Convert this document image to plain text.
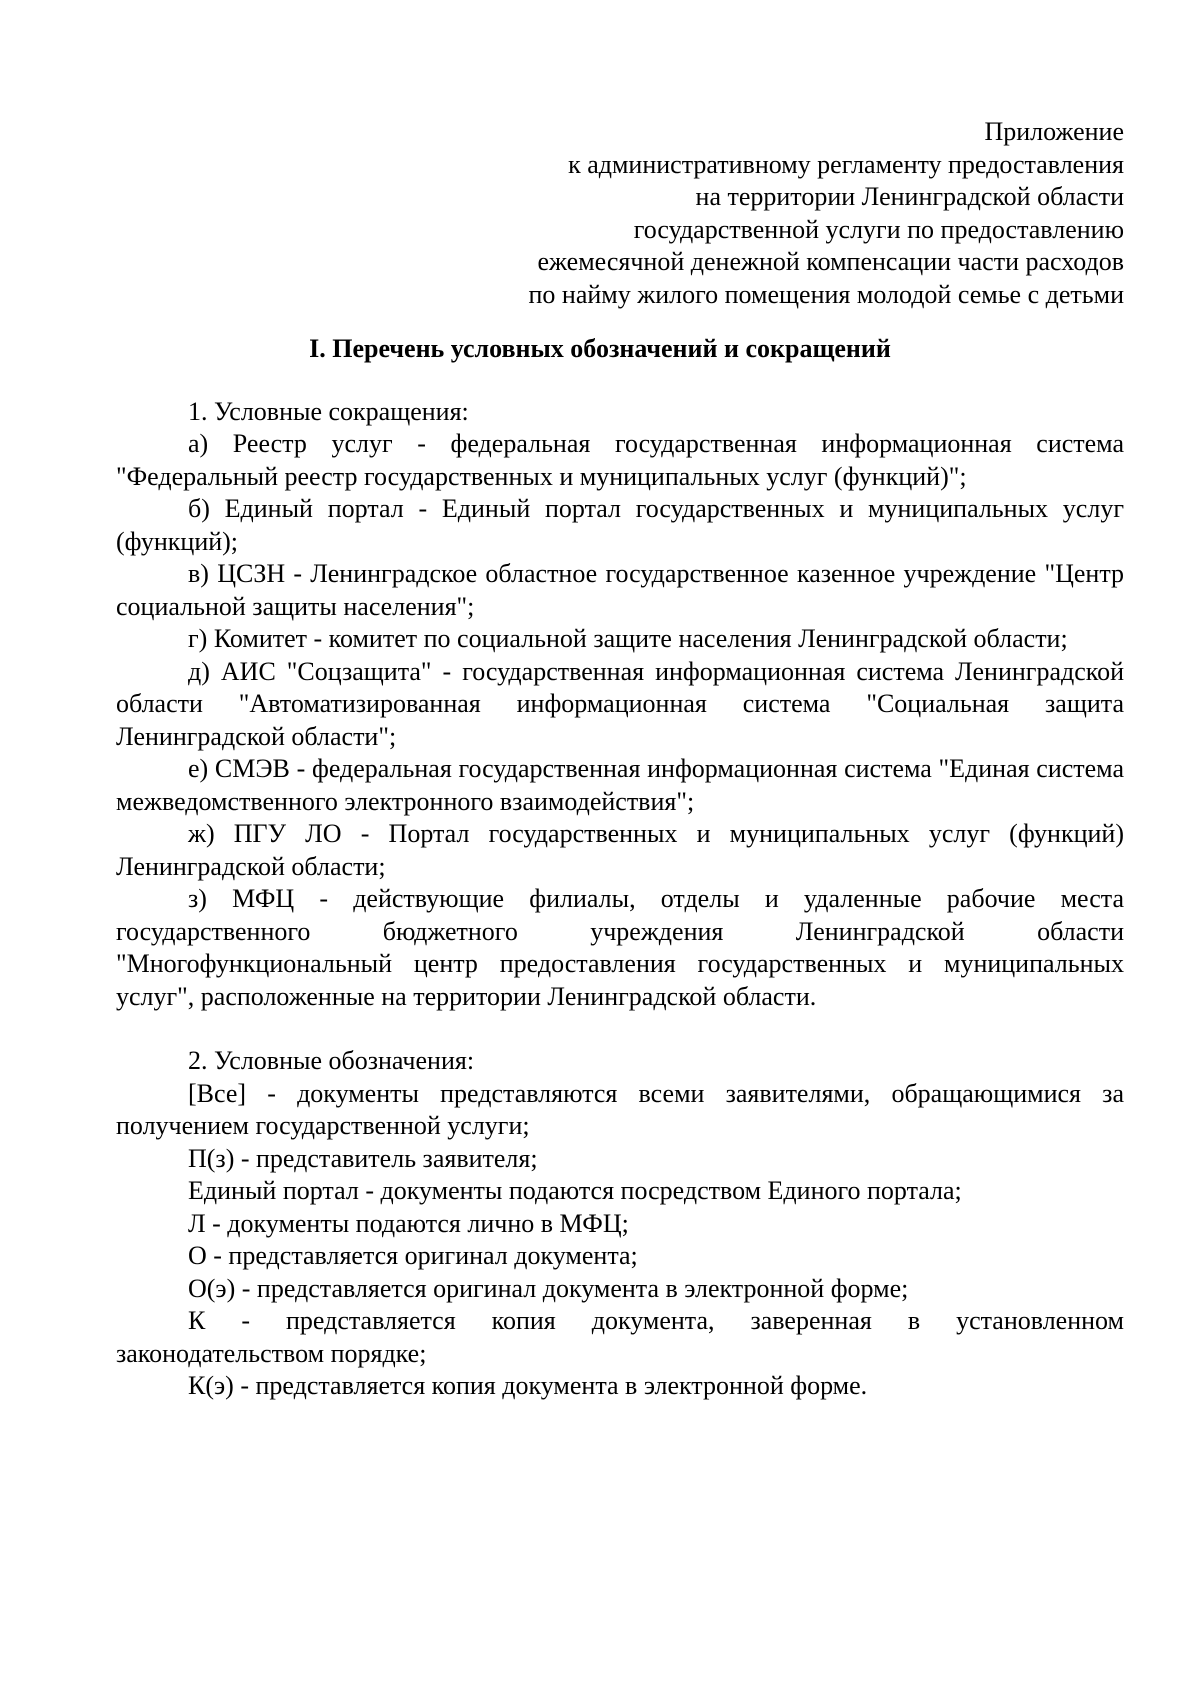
Приложение
к административному регламенту предоставления
на территории Ленинградской области
государственной услуги по предоставлению
ежемесячной денежной компенсации части расходов
по найму жилого помещения молодой семье с детьми
I. Перечень условных обозначений и сокращений

1. Условные сокращения:

а) Реестр услуг - федеральная государственная информационная система "Федеральный реестр государственных и муниципальных услуг (функций)";

б) Единый портал - Единый портал государственных и муниципальных услуг (функций);

в) ЦСЗН - Ленинградское областное государственное казенное учреждение "Центр социальной защиты населения";

г) Комитет - комитет по социальной защите населения Ленинградской области;

д) АИС "Соцзащита" - государственная информационная система Ленинградской области "Автоматизированная информационная система "Социальная защита Ленинградской области";

е) СМЭВ - федеральная государственная информационная система "Единая система межведомственного электронного взаимодействия";

ж) ПГУ ЛО - Портал государственных и муниципальных услуг (функций) Ленинградской области;

з) МФЦ - действующие филиалы, отделы и удаленные рабочие места государственного бюджетного учреждения Ленинградской области "Многофункциональный центр предоставления государственных и муниципальных услуг", расположенные на территории Ленинградской области.

2. Условные обозначения:

[Все] - документы представляются всеми заявителями, обращающимися за получением государственной услуги;

П(з) - представитель заявителя;

Единый портал - документы подаются посредством Единого портала;

Л - документы подаются лично в МФЦ;

О - представляется оригинал документа;

О(э) - представляется оригинал документа в электронной форме;

К - представляется копия документа, заверенная в установленном законодательством порядке;

К(э) - представляется копия документа в электронной форме.
